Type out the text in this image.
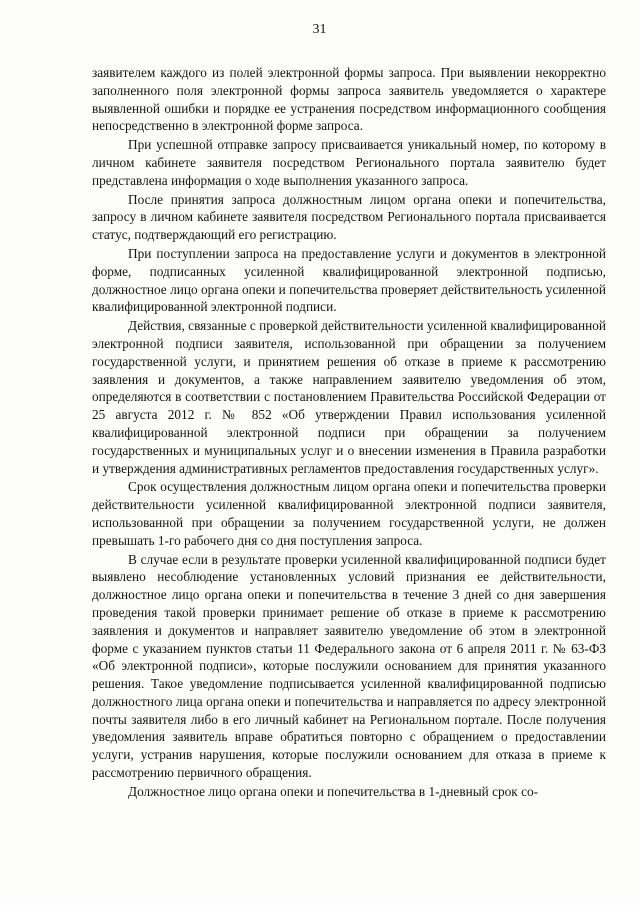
31

заявителем каждого из полей электронной формы запроса. При выявлении некорректно заполненного поля электронной формы запроса заявитель уведомляется о характере выявленной ошибки и порядке ее устранения посредством информационного сообщения непосредственно в электронной форме запроса.

При успешной отправке запросу присваивается уникальный номер, по которому в личном кабинете заявителя посредством Регионального портала заявителю будет представлена информация о ходе выполнения указанного запроса.

После принятия запроса должностным лицом органа опеки и попечительства, запросу в личном кабинете заявителя посредством Регионального портала присваивается статус, подтверждающий его регистрацию.

При поступлении запроса на предоставление услуги и документов в электронной форме, подписанных усиленной квалифицированной электронной подписью, должностное лицо органа опеки и попечительства проверяет действительность усиленной квалифицированной электронной подписи.

Действия, связанные с проверкой действительности усиленной квалифицированной электронной подписи заявителя, использованной при обращении за получением государственной услуги, и принятием решения об отказе в приеме к рассмотрению заявления и документов, а также направлением заявителю уведомления об этом, определяются в соответствии с постановлением Правительства Российской Федерации от 25 августа 2012 г. № 852 «Об утверждении Правил использования усиленной квалифицированной электронной подписи при обращении за получением государственных и муниципальных услуг и о внесении изменения в Правила разработки и утверждения административных регламентов предоставления государственных услуг».

Срок осуществления должностным лицом органа опеки и попечительства проверки действительности усиленной квалифицированной электронной подписи заявителя, использованной при обращении за получением государственной услуги, не должен превышать 1-го рабочего дня со дня поступления запроса.

В случае если в результате проверки усиленной квалифицированной подписи будет выявлено несоблюдение установленных условий признания ее действительности, должностное лицо органа опеки и попечительства в течение 3 дней со дня завершения проведения такой проверки принимает решение об отказе в приеме к рассмотрению заявления и документов и направляет заявителю уведомление об этом в электронной форме с указанием пунктов статьи 11 Федерального закона от 6 апреля 2011 г. № 63-ФЗ «Об электронной подписи», которые послужили основанием для принятия указанного решения. Такое уведомление подписывается усиленной квалифицированной подписью должностного лица органа опеки и попечительства и направляется по адресу электронной почты заявителя либо в его личный кабинет на Региональном портале. После получения уведомления заявитель вправе обратиться повторно с обращением о предоставлении услуги, устранив нарушения, которые послужили основанием для отказа в приеме к рассмотрению первичного обращения.

Должностное лицо органа опеки и попечительства в 1-дневный срок со-
